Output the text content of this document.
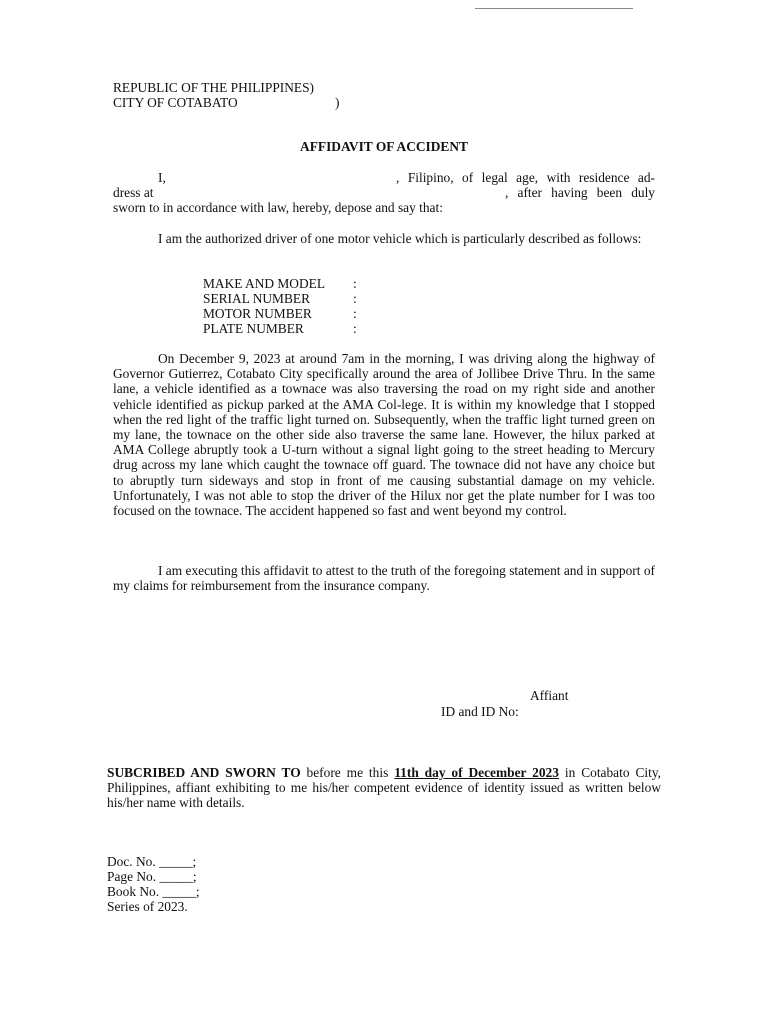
REPUBLIC OF THE PHILIPPINES)
CITY OF COTABATO	)
AFFIDAVIT OF ACCIDENT
I,	, Filipino, of legal age, with residence ad-
dress at	, after having been duly
sworn to in accordance with law, hereby, depose and say that:

I am the authorized driver of one motor vehicle which is particularly described as follows:

MAKE AND MODEL :
SERIAL NUMBER	:
MOTOR NUMBER	:
PLATE NUMBER	:

On December 9, 2023 at around 7am in the morning, I was driving along the highway of Governor Gutierrez, Cotabato City specifically around the area of Jollibee Drive Thru. In the same lane, a vehicle identified as a townace was also traversing the road on my right side and another vehicle identified as pickup parked at the AMA Col-lege. It is within my knowledge that I stopped when the red light of the traffic light turned on. Subsequently, when the traffic light turned green on my lane, the townace on the other side also traverse the same lane. However, the hilux parked at AMA College abruptly took a U-turn without a signal light going to the street heading to Mercury drug across my lane which caught the townace off guard. The townace did not have any choice but to abruptly turn sideways and stop in front of me causing substantial damage on my vehicle. Unfortunately, I was not able to stop the driver of the Hilux nor get the plate number for I was too focused on the townace. The accident happened so fast and went beyond my control.

I am executing this affidavit to attest to the truth of the foregoing statement and in support of my claims for reimbursement from the insurance company.

Affiant
ID and ID No:
SUBCRIBED AND SWORN TO before me this 11th day of December 2023 in Cotabato City, Philippines, affiant exhibiting to me his/her competent evidence of identity issued as written below his/her name with details.
Doc. No. _____;
Page No. _____;
Book No. _____;
Series of 2023.
